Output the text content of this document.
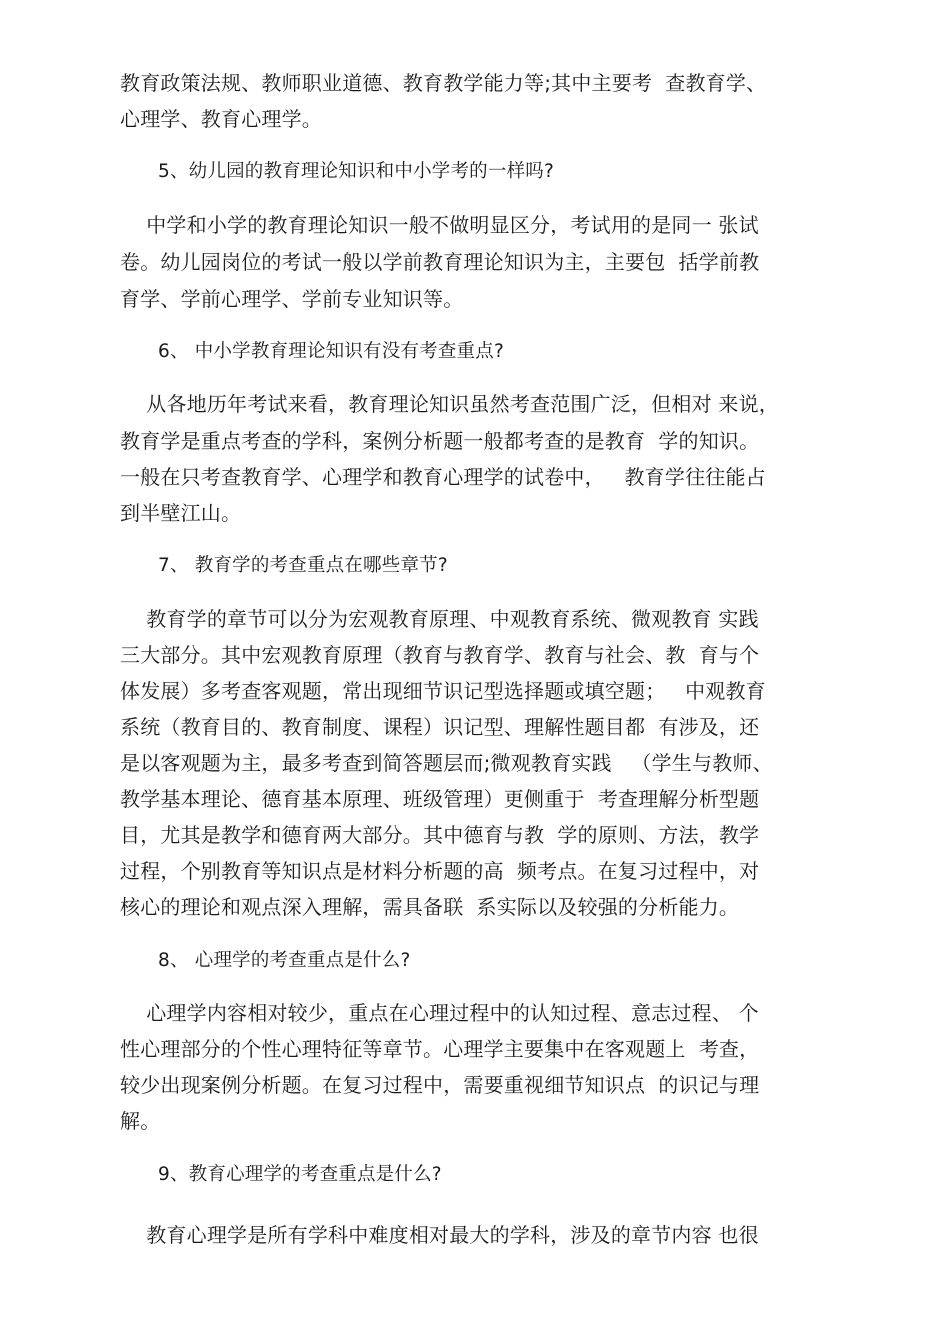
教育政策法规、教师职业道德、教育教学能力等;其中主要考  查教育学、
心理学、教育心理学。
5、幼儿园的教育理论知识和中小学考的一样吗?
中学和小学的教育理论知识一般不做明显区分，考试用的是同一 张试
卷。幼儿园岗位的考试一般以学前教育理论知识为主，主要包  括学前教
育学、学前心理学、学前专业知识等。
6、 中小学教育理论知识有没有考查重点?
从各地历年考试来看，教育理论知识虽然考查范围广泛，但相对 来说，
教育学是重点考查的学科，案例分析题一般都考查的是教育  学的知识。
一般在只考查教育学、心理学和教育心理学的试卷中，   教育学往往能占
到半壁江山。
7、 教育学的考查重点在哪些章节?
教育学的章节可以分为宏观教育原理、中观教育系统、微观教育 实践
三大部分。其中宏观教育原理（教育与教育学、教育与社会、教  育与个
体发展）多考查客观题，常出现细节识记型选择题或填空题；   中观教育
系统（教育目的、教育制度、课程）识记型、理解性题目都  有涉及，还
是以客观题为主，最多考查到简答题层而;微观教育实践   （学生与教师、
教学基本理论、德育基本原理、班级管理）更侧重于  考查理解分析型题
目，尤其是教学和德育两大部分。其中德育与教  学的原则、方法，教学
过程，个别教育等知识点是材料分析题的高  频考点。在复习过程中，对
核心的理论和观点深入理解，需具备联  系实际以及较强的分析能力。
8、 心理学的考查重点是什么?
心理学内容相对较少，重点在心理过程中的认知过程、意志过程、 个
性心理部分的个性心理特征等章节。心理学主要集中在客观题上  考查，
较少出现案例分析题。在复习过程中，需要重视细节知识点  的识记与理
解。
9、教育心理学的考查重点是什么?
教育心理学是所有学科中难度相对最大的学科，涉及的章节内容 也很
